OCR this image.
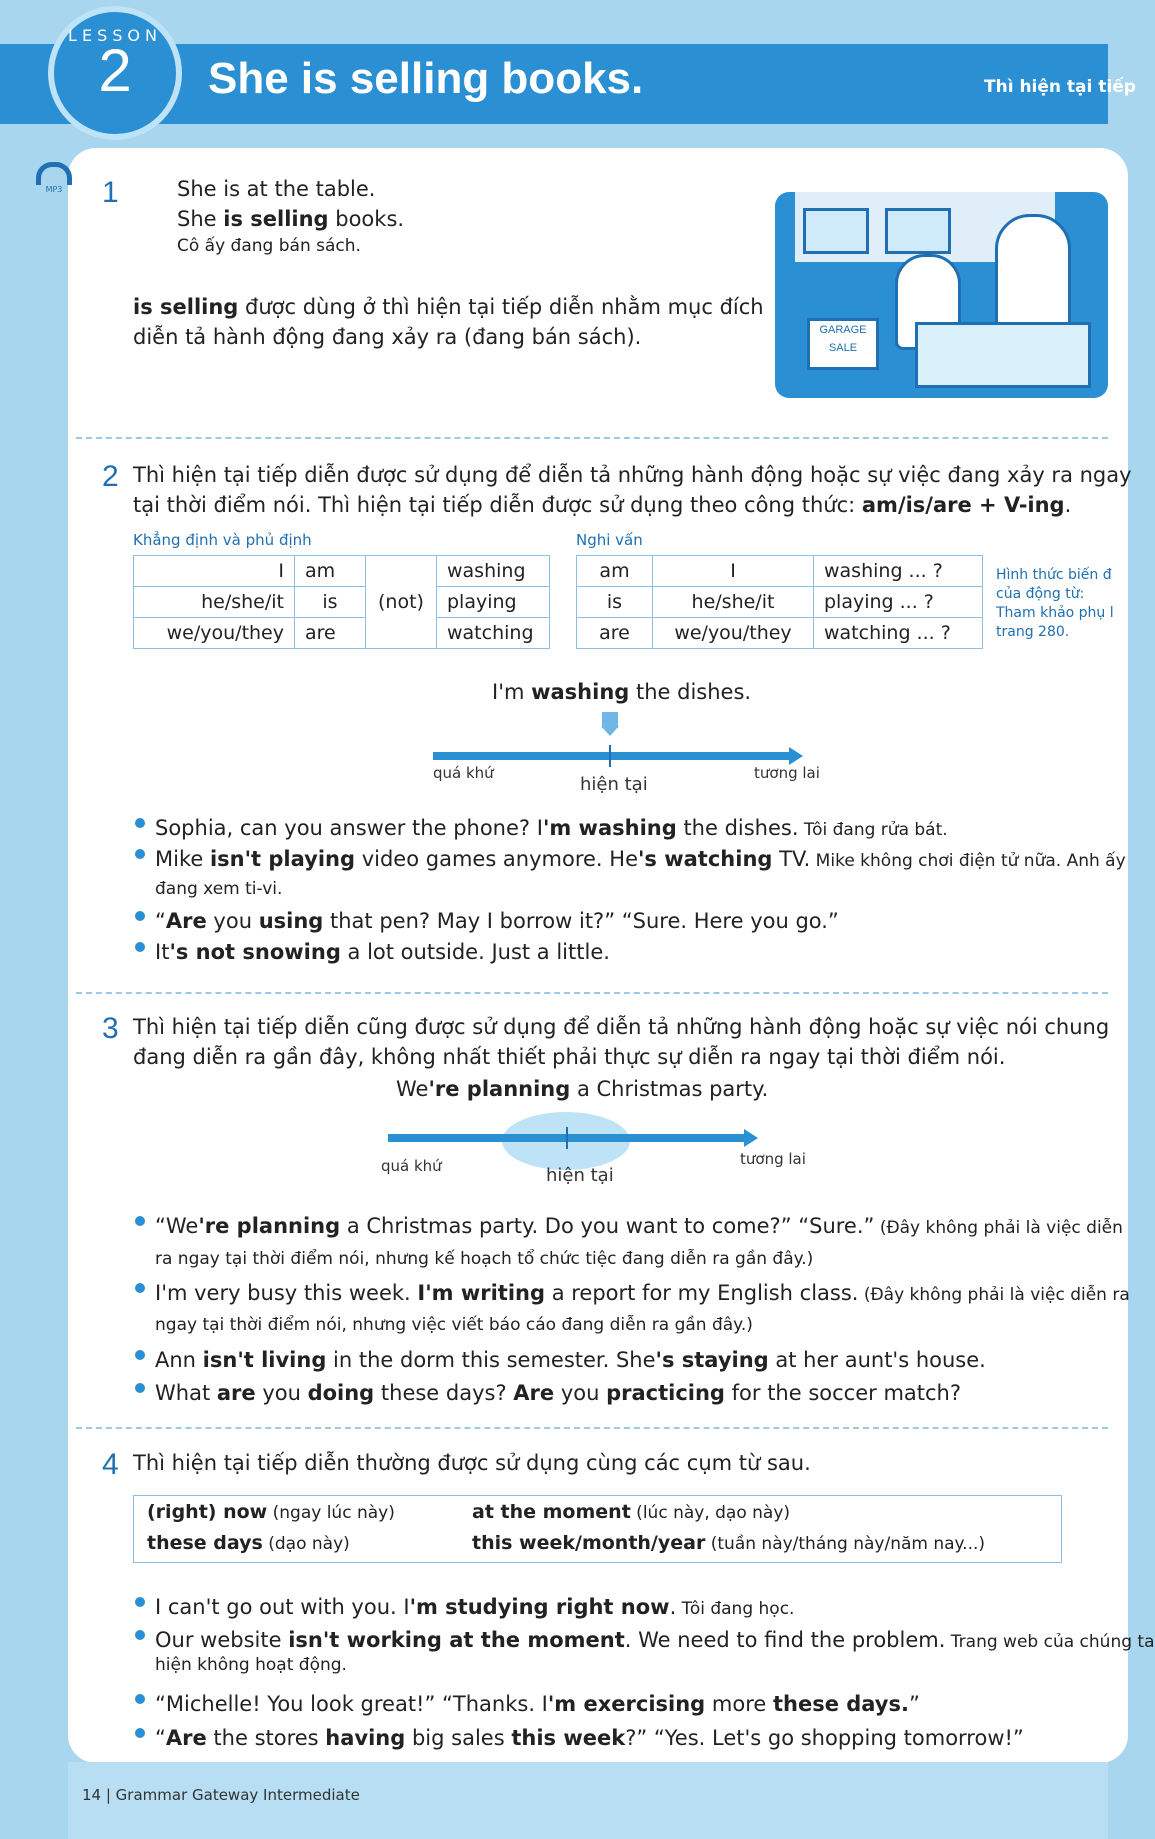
LESSON
2	She is selling books.	Thì hiện tại tiếp
MP3	1	She is at the table.
She is selling books.
Cô ấy đang bán sách.
is selling được dùng ở thì hiện tại tiếp diễn nhằm mục đích
diễn tả hành động đang xảy ra (đang bán sách).	GARAGE SALE
2 Thì hiện tại tiếp diễn được sử dụng để diễn tả những hành động hoặc sự việc đang xảy ra ngay
tại thời điểm nói. Thì hiện tại tiếp diễn được sử dụng theo công thức: am/is/are + V-ing.
Khẳng định và phủ định	Nghi vấn
I	am	(not)	washing
he/she/it	is		playing
we/you/they	are		watching
am	I	washing ... ?
is	he/she/it	playing ... ?
are	we/you/they	watching ... ?
Hình thức biến đ
của động từ:
Tham khảo phụ l
trang 280.
I'm washing the dishes.
quá khứ
hiện tại
tương lai
Sophia, can you answer the phone? I'm washing the dishes. Tôi đang rửa bát.
Mike isn't playing video games anymore. He's watching TV. Mike không chơi điện tử nữa. Anh ấy
đang xem ti-vi.
“Are you using that pen? May I borrow it?” “Sure. Here you go.”
It's not snowing a lot outside. Just a little.
3 Thì hiện tại tiếp diễn cũng được sử dụng để diễn tả những hành động hoặc sự việc nói chung
đang diễn ra gần đây, không nhất thiết phải thực sự diễn ra ngay tại thời điểm nói.
We're planning a Christmas party.
quá khứ	hiện tại
tương lai
“We're planning a Christmas party. Do you want to come?” “Sure.” (Đây không phải là việc diễn
ra ngay tại thời điểm nói, nhưng kế hoạch tổ chức tiệc đang diễn ra gần đây.)
I'm very busy this week. I'm writing a report for my English class. (Đây không phải là việc diễn ra
ngay tại thời điểm nói, nhưng việc viết báo cáo đang diễn ra gần đây.)
Ann isn't living in the dorm this semester. She's staying at her aunt's house.
What are you doing these days? Are you practicing for the soccer match?
4 Thì hiện tại tiếp diễn thường được sử dụng cùng các cụm từ sau.
(right) now (ngay lúc này)	at the moment (lúc này, dạo này)
these days (dạo này)	this week/month/year (tuần này/tháng này/năm nay...)
I can't go out with you. I'm studying right now. Tôi đang học.
Our website isn't working at the moment. We need to find the problem. Trang web của chúng ta
hiện không hoạt động.
“Michelle! You look great!” “Thanks. I'm exercising more these days.”
“Are the stores having big sales this week?” “Yes. Let's go shopping tomorrow!”
14 | Grammar Gateway Intermediate
